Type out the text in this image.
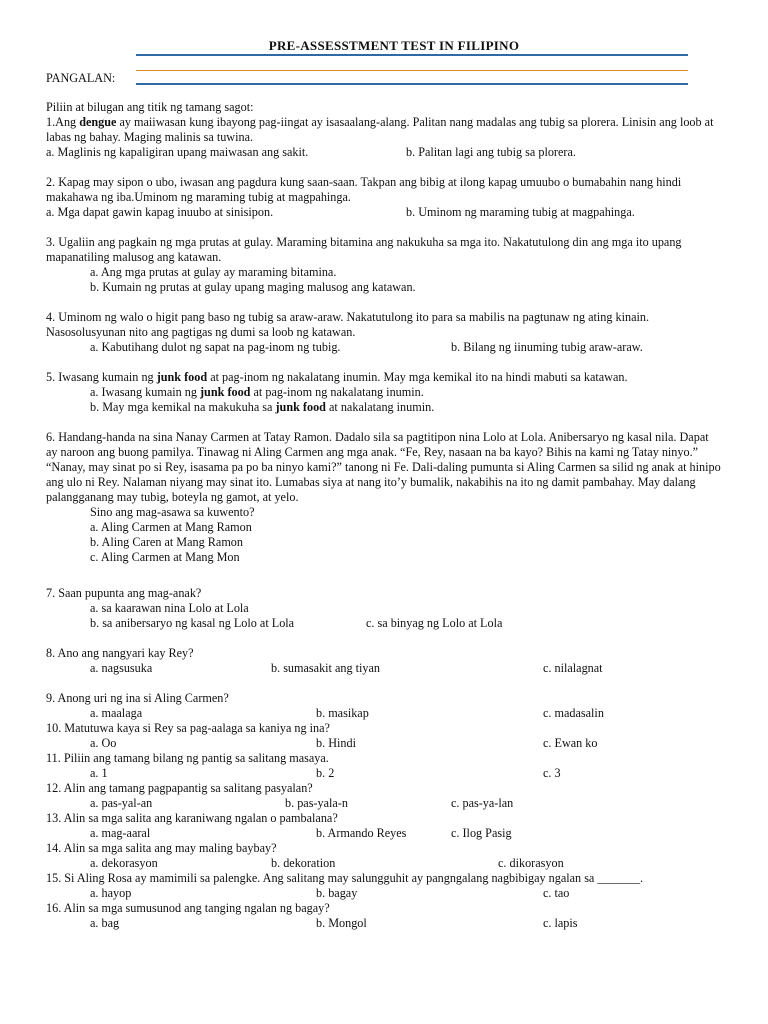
PRE-ASSESSTMENT TEST IN FILIPINO
PANGALAN:

Piliin at bilugan ang titik ng tamang sagot:

1.Ang dengue ay maiiwasan kung ibayong pag-iingat ay isasaalang-alang. Palitan nang madalas ang tubig sa plorera. Linisin ang loob at labas ng bahay. Maging malinis sa tuwina.

a. Maglinis ng kapaligiran upang maiwasan ang sakit.	b. Palitan lagi ang tubig sa plorera.

2. Kapag may sipon o ubo, iwasan ang pagdura kung saan-saan. Takpan ang bibig at ilong kapag umuubo o bumabahin nang hindi makahawa ng iba.Uminom ng maraming tubig at magpahinga.

a. Mga dapat gawin kapag inuubo at sinisipon.	b. Uminom ng maraming tubig at magpahinga.

3. Ugaliin ang pagkain ng mga prutas at gulay. Maraming bitamina ang nakukuha sa mga ito. Nakatutulong din ang mga ito upang mapanatiling malusog ang katawan.

a. Ang mga prutas at gulay ay maraming bitamina.

b. Kumain ng prutas at gulay upang maging malusog ang katawan.

4. Uminom ng walo o higit pang baso ng tubig sa araw-araw. Nakatutulong ito para sa mabilis na pagtunaw ng ating kinain. Nasosolusyunan nito ang pagtigas ng dumi sa loob ng katawan.

a. Kabutihang dulot ng sapat na pag-inom ng tubig.	b. Bilang ng iinuming tubig araw-araw.

5. Iwasang kumain ng junk food at pag-inom ng nakalatang inumin. May mga kemikal ito na hindi mabuti sa katawan.

a. Iwasang kumain ng junk food at pag-inom ng nakalatang inumin.

b. May mga kemikal na makukuha sa junk food at nakalatang inumin.

6. Handang-handa na sina Nanay Carmen at Tatay Ramon. Dadalo sila sa pagtitipon nina Lolo at Lola. Anibersaryo ng kasal nila. Dapat ay naroon ang buong pamilya. Tinawag ni Aling Carmen ang mga anak. “Fe, Rey, nasaan na ba kayo? Bihis na kami ng Tatay ninyo.” “Nanay, may sinat po si Rey, isasama pa po ba ninyo kami?” tanong ni Fe. Dali-daling pumunta si Aling Carmen sa silid ng anak at hinipo ang ulo ni Rey. Nalaman niyang may sinat ito. Lumabas siya at nang ito’y bumalik, nakabihis na ito ng damit pambahay. May dalang palangganang may tubig, boteyla ng gamot, at yelo.

Sino ang mag-asawa sa kuwento?

a. Aling Carmen at Mang Ramon

b. Aling Caren at Mang Ramon

c. Aling Carmen at Mang Mon

7. Saan pupunta ang mag-anak?

a. sa kaarawan nina Lolo at Lola

b. sa anibersaryo ng kasal ng Lolo at Lola	c. sa binyag ng Lolo at Lola

8. Ano ang nangyari kay Rey?

a. nagsusuka	b. sumasakit ang tiyan	c. nilalagnat

9. Anong uri ng ina si Aling Carmen?

a. maalaga	b. masikap	c. madasalin

10. Matutuwa kaya si Rey sa pag-aalaga sa kaniya ng ina?

a. Oo	b. Hindi	c. Ewan ko

11. Piliin ang tamang bilang ng pantig sa salitang masaya.

a. 1	b. 2	c. 3

12. Alin ang tamang pagpapantig sa salitang pasyalan?

a. pas-yal-an	b. pas-yala-n	c. pas-ya-lan

13. Alin sa mga salita ang karaniwang ngalan o pambalana?

a. mag-aaral	b. Armando Reyes	c. Ilog Pasig

14. Alin sa mga salita ang may maling baybay?

a. dekorasyon	b. dekoration	c. dikorasyon

15. Si Aling Rosa ay mamimili sa palengke. Ang salitang may salungguhit ay pangngalang nagbibigay ngalan sa _______.

a. hayop	b. bagay	c. tao

16. Alin sa mga sumusunod ang tanging ngalan ng bagay?

a. bag	b. Mongol	c. lapis
